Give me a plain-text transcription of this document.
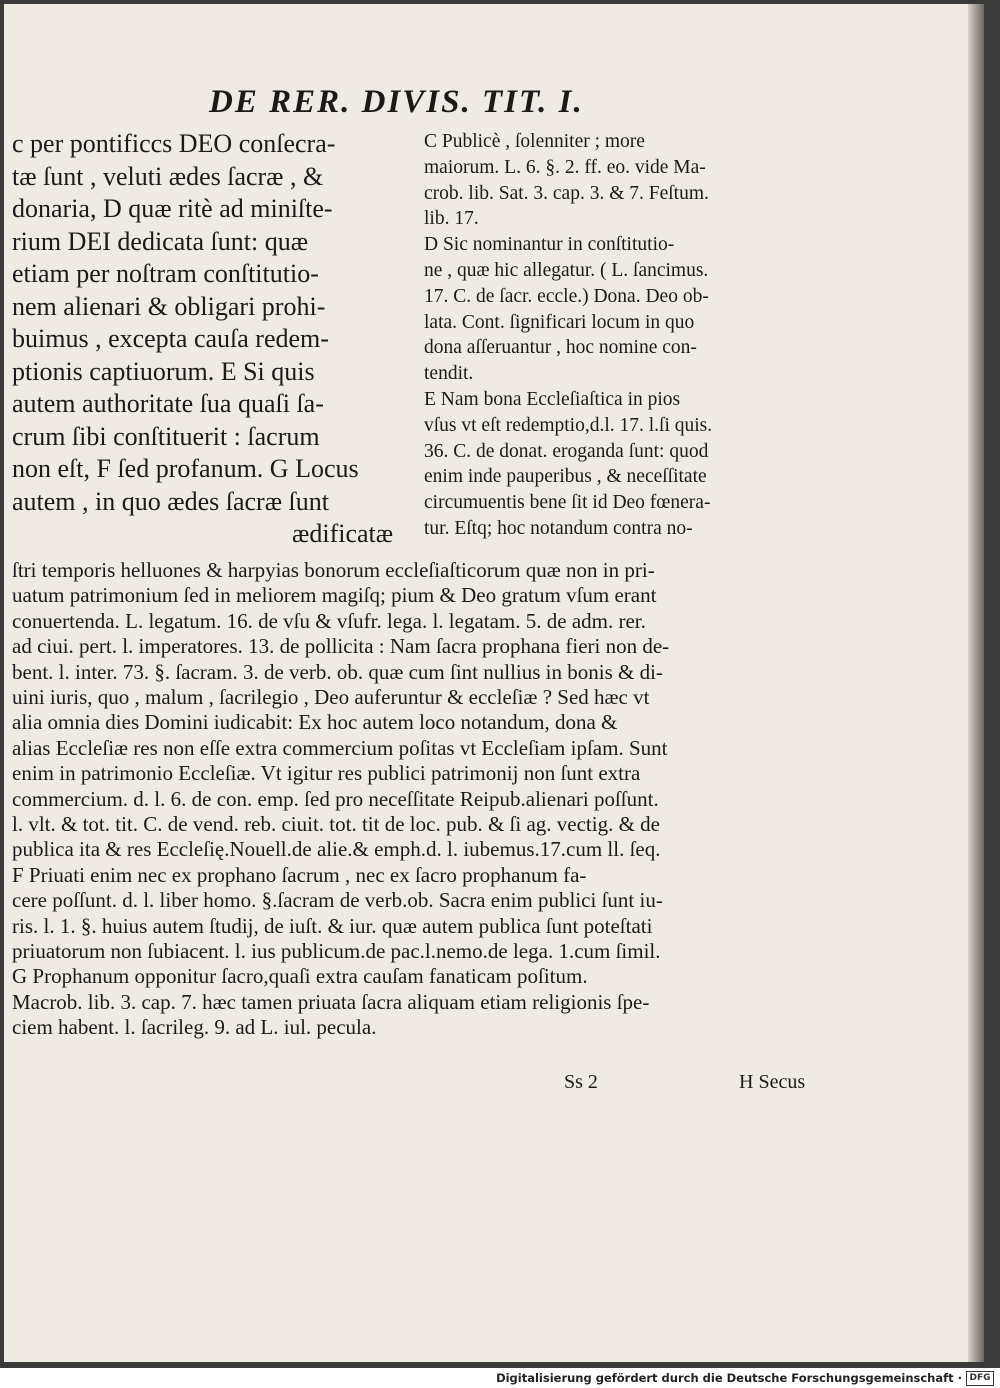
DE RER. DIVIS. TIT. I.
c per pontificcs DEO conſecra-
tæ ſunt , veluti ædes ſacræ , &
donaria, D quæ ritè ad miniſte-
rium DEI dedicata ſunt: quæ
etiam per noſtram conſtitutio-
nem alienari & obligari prohi-
buimus , excepta cauſa redem-
ptionis captiuorum. E Si quis
autem authoritate ſua quaſi ſa-
crum ſibi conſtituerit : ſacrum
non eſt, F ſed profanum. G Locus
autem , in quo ædes ſacræ ſunt
ædificatæ
C Publicè , ſolenniter ; more
maiorum. L. 6. §. 2. ff. eo. vide Ma-
crob. lib. Sat. 3. cap. 3. & 7. Feſtum.
lib. 17.
D Sic nominantur in conſtitutio-
ne , quæ hic allegatur. ( L. ſancimus.
17. C. de ſacr. eccle.) Dona. Deo ob-
lata. Cont. ſignificari locum in quo
dona aſſeruantur , hoc nomine con-
tendit.
E Nam bona Eccleſiaſtica in pios
vſus vt eſt redemptio,d.l. 17. l.ſi quis.
36. C. de donat. eroganda ſunt: quod
enim inde pauperibus , & neceſſitate
circumuentis bene ſit id Deo fœnera-
tur. Eſtq; hoc notandum contra no-
ſtri temporis helluones & harpyias bonorum eccleſiaſticorum quæ non in pri-
uatum patrimonium ſed in meliorem magiſq; pium & Deo gratum vſum erant
conuertenda. L. legatum. 16. de vſu & vſufr. lega. l. legatam. 5. de adm. rer.
ad ciui. pert. l. imperatores. 13. de pollicita : Nam ſacra prophana fieri non de-
bent. l. inter. 73. §. ſacram. 3. de verb. ob. quæ cum ſint nullius in bonis & di-
uini iuris, quo , malum , ſacrilegio , Deo auferuntur & eccleſiæ ? Sed hæc vt
alia omnia dies Domini iudicabit: Ex hoc autem loco notandum, dona &
alias Eccleſiæ res non eſſe extra commercium poſitas vt Eccleſiam ipſam. Sunt
enim in patrimonio Eccleſiæ. Vt igitur res publici patrimonij non ſunt extra
commercium. d. l. 6. de con. emp. ſed pro neceſſitate Reipub.alienari poſſunt.
l. vlt. & tot. tit. C. de vend. reb. ciuit. tot. tit de loc. pub. & ſi ag. vectig. & de
publica ita & res Eccleſię.Nouell.de alie.& emph.d. l. iubemus.17.cum ll. ſeq.
F Priuati enim nec ex prophano ſacrum , nec ex ſacro prophanum fa-
cere poſſunt. d. l. liber homo. §.ſacram de verb.ob. Sacra enim publici ſunt iu-
ris. l. 1. §. huius autem ſtudij, de iuſt. & iur. quæ autem publica ſunt poteſtati
priuatorum non ſubiacent. l. ius publicum.de pac.l.nemo.de lega. 1.cum ſimil.
G Prophanum opponitur ſacro,quaſi extra cauſam fanaticam poſitum.
Macrob. lib. 3. cap. 7. hæc tamen priuata ſacra aliquam etiam religionis ſpe-
ciem habent. l. ſacrileg. 9. ad L. iul. pecula.
Ss 2	H Secus
Digitalisierung gefördert durch die Deutsche Forschungsgemeinschaft · DFG
